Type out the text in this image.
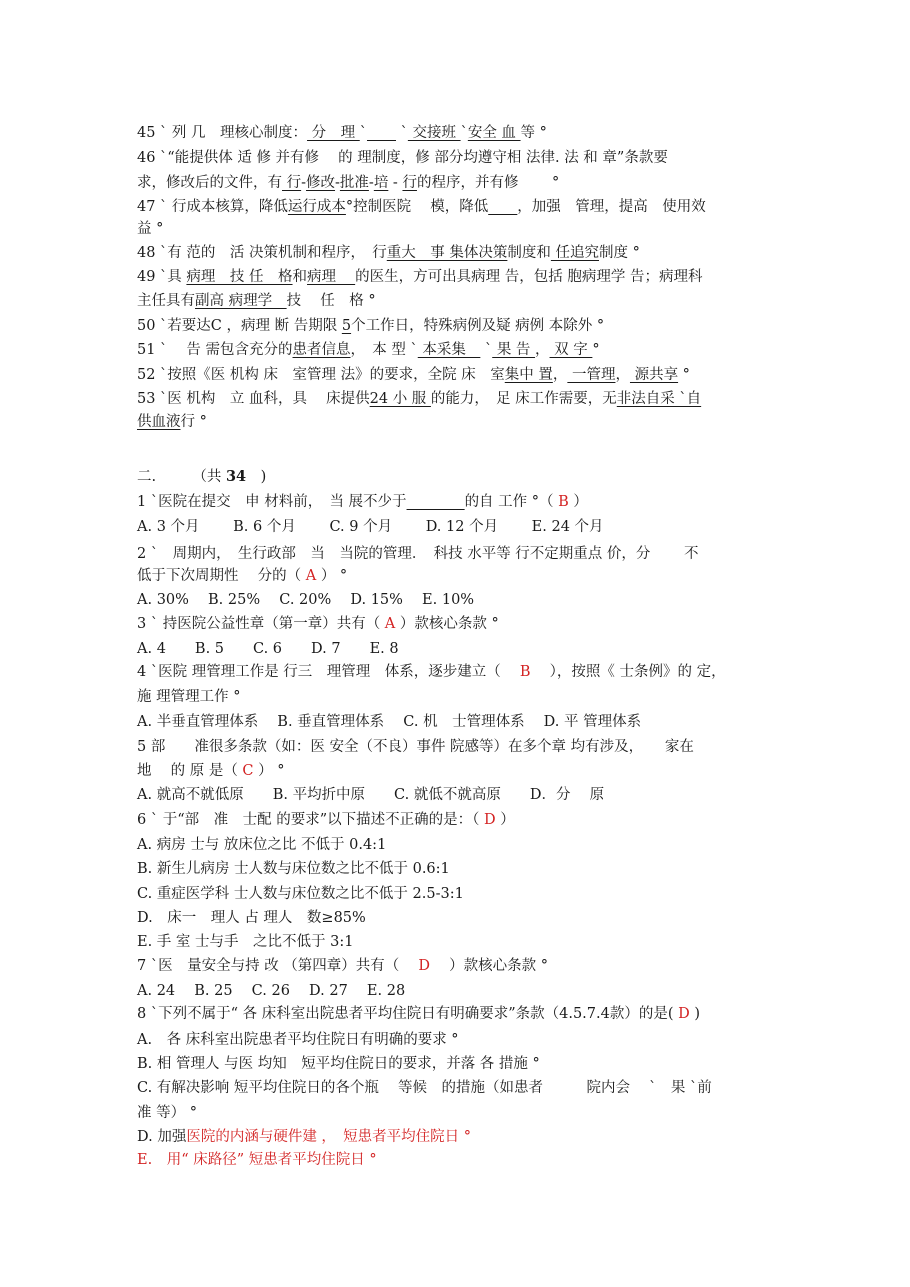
45 ` 列 几　理核心制度： 分　理 `____ ` 交接班 `安全 血 等 °
46 `“能提供体 适 修 并有修　 的 理制度，修 部分均遵守相 法律. 法 和 章”条款要
求，修改后的文件，有 行-修改-批准-培 - 行的程序，并有修　　 °
47 ` 行成本核算，降低运行成本°控制医院　 模，降低____，加强　管理，提高　使用效
益 °
48 `有 范的　活 决策机制和程序，　行重大　事 集体决策制度和 任追究制度 °
49 `具 病理　技 任　格和病理　 的医生，方可出具病理 告，包括 胞病理学 告；病理科
主任具有副高 病理学　技　 任　格 °
50 `若要达C ，病理 断 告期限 5个工作日，特殊病例及疑 病例 本除外 °
51 `　 告 需包含充分的患者信息，　本 型 ` 本采集　 ` 果 告 ， 双 字 °
52 `按照《医 机构 床　室管理 法》的要求，全院 床　室集中 置， 一管理， 源共享 °
53 `医 机构　立 血科，具　 床提供24 小 服 的能力，　足 床工作需要，无非法自采 `自
供血液行 °
二.　　　（共 34　)
1 `医院在提交　申 材料前，　当 展不少于________的自 工作 °（ B ）
A. 3 个月　　 B. 6 个月　　 C. 9 个月　　 D. 12 个月　　 E. 24 个月
2 `　周期内，　生行政部　当　当院的管理．　科技 水平等 行不定期重点 价，分　　 不
低于下次周期性　 分的（ A ） °
A. 30%　 B. 25%　 C. 20%　 D. 15%　 E. 10%
3 ` 持医院公益性章（第一章）共有（ A ）款核心条款 °
A. 4　　B. 5　　C. 6　　D. 7　　E. 8
4 `医院 理管理工作是 行三　理管理　体系，逐步建立（　 B 　），按照《 士条例》的 定，
施 理管理工作 °
A. 半垂直管理体系　 B. 垂直管理体系　 C. 机　士管理体系　 D. 平 管理体系
5 部　　准很多条款（如：医 安全（不良）事件 院感等）在多个章 均有涉及，　　家在
地　 的 原 是（ C ） °
A. 就高不就低原　　B. 平均折中原　　C. 就低不就高原　　D．分　 原
6 ` 于“部　准　士配 的要求”以下描述不正确的是：（ D ）
A. 病房 士与 放床位之比 不低于 0.4:1
B. 新生儿病房 士人数与床位数之比不低于 0.6:1
C. 重症医学科 士人数与床位数之比不低于 2.5-3:1
D.　床一　理人 占 理人　数≥85%
E. 手 室 士与手　之比不低于 3:1
7 `医　量安全与持 改 （第四章）共有（　 D 　）款核心条款 °
A. 24　 B. 25　 C. 26　 D. 27　 E. 28
8 `下列不属于“ 各 床科室出院患者平均住院日有明确要求”条款（4.5.7.4款）的是( D )
A.　各 床科室出院患者平均住院日有明确的要求 °
B. 相 管理人 与医 均知　短平均住院日的要求，并落 各 措施 °
C. 有解决影响 短平均住院日的各个瓶　 等候　的措施（如患者　　　院内会　 `　果 `前
准 等） °
D. 加强医院的内涵与硬件建 ，　短患者平均住院日 °
E.　用“ 床路径” 短患者平均住院日 °
